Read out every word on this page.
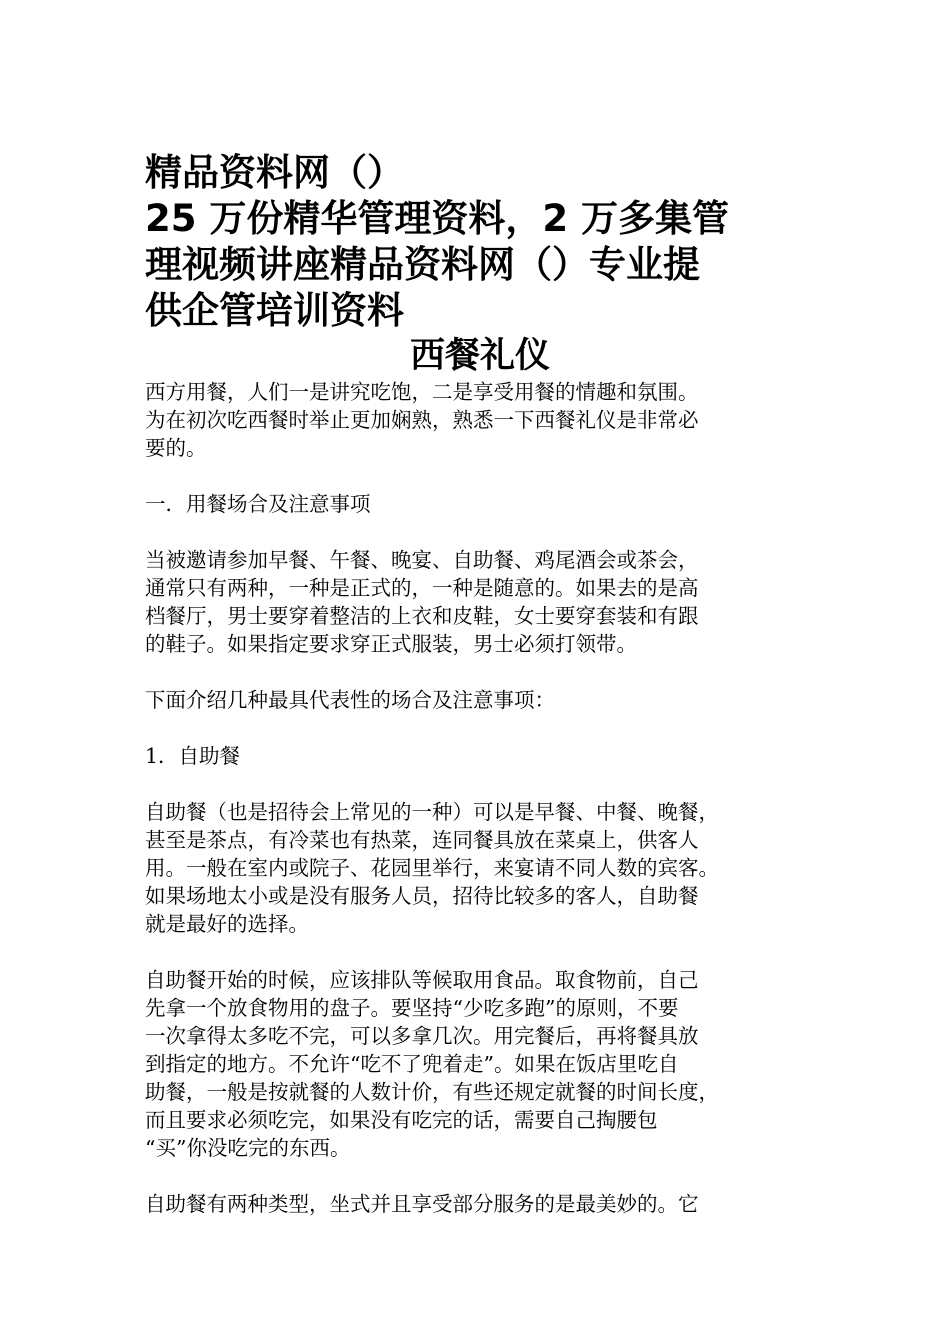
精品资料网（）
25 万份精华管理资料，2 万多集管
理视频讲座精品资料网（）专业提
供企管培训资料
西餐礼仪
西方用餐，人们一是讲究吃饱，二是享受用餐的情趣和氛围。
为在初次吃西餐时举止更加娴熟，熟悉一下西餐礼仪是非常必
要的。
一．用餐场合及注意事项
当被邀请参加早餐、午餐、晚宴、自助餐、鸡尾酒会或茶会，
通常只有两种，一种是正式的，一种是随意的。如果去的是高
档餐厅，男士要穿着整洁的上衣和皮鞋，女士要穿套装和有跟
的鞋子。如果指定要求穿正式服装，男士必须打领带。
下面介绍几种最具代表性的场合及注意事项：
1．自助餐
自助餐（也是招待会上常见的一种）可以是早餐、中餐、晚餐，
甚至是茶点，有冷菜也有热菜，连同餐具放在菜桌上，供客人
用。一般在室内或院子、花园里举行，来宴请不同人数的宾客。
如果场地太小或是没有服务人员，招待比较多的客人，自助餐
就是最好的选择。
自助餐开始的时候，应该排队等候取用食品。取食物前，自己
先拿一个放食物用的盘子。要坚持“少吃多跑”的原则，不要
一次拿得太多吃不完，可以多拿几次。用完餐后，再将餐具放
到指定的地方。不允许“吃不了兜着走”。如果在饭店里吃自
助餐，一般是按就餐的人数计价，有些还规定就餐的时间长度，
而且要求必须吃完，如果没有吃完的话，需要自己掏腰包
“买”你没吃完的东西。
自助餐有两种类型，坐式并且享受部分服务的是最美妙的。它
